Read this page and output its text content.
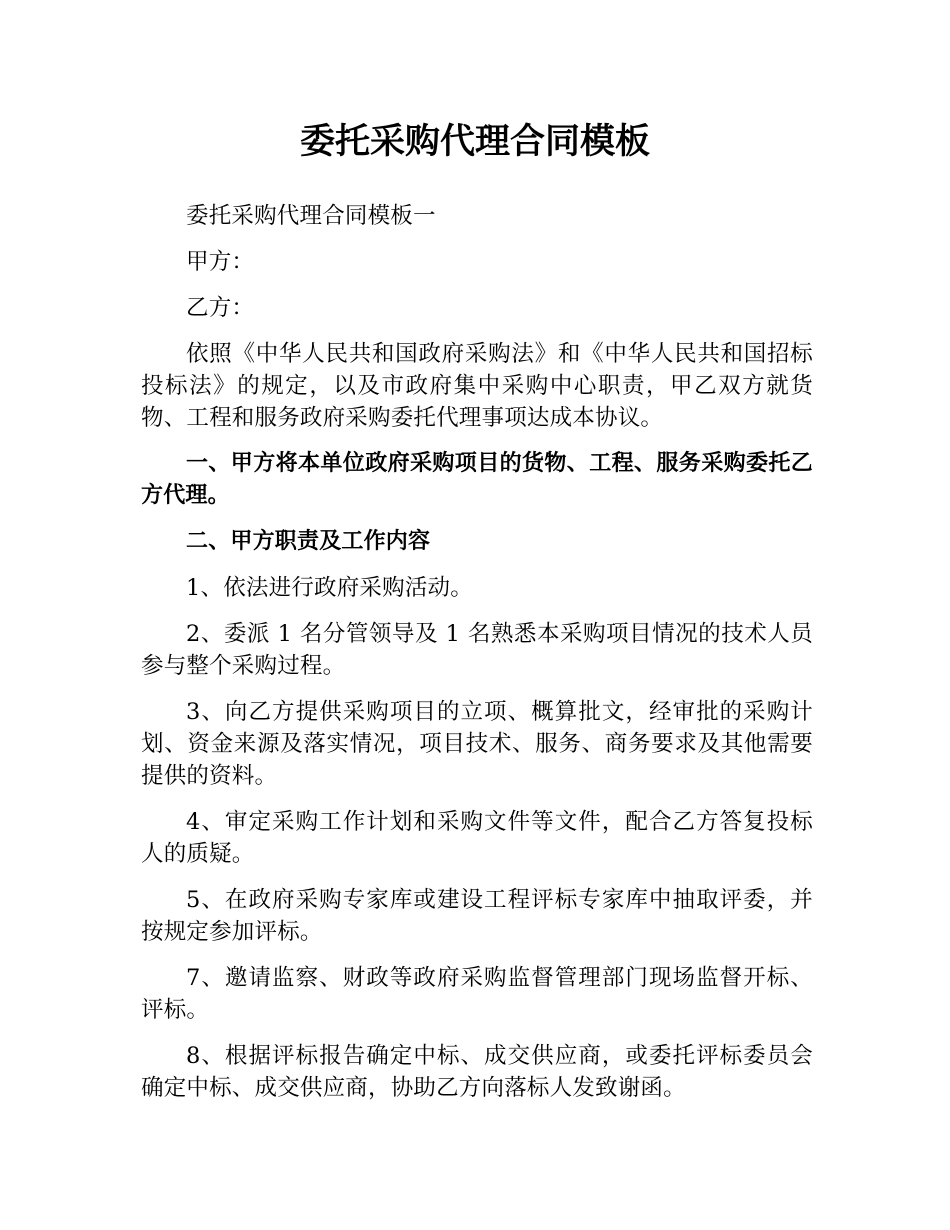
委托采购代理合同模板

委托采购代理合同模板一

甲方：

乙方：

依照《中华人民共和国政府采购法》和《中华人民共和国招标投标法》的规定，以及市政府集中采购中心职责，甲乙双方就货物、工程和服务政府采购委托代理事项达成本协议。

一、甲方将本单位政府采购项目的货物、工程、服务采购委托乙方代理。

二、甲方职责及工作内容

1、依法进行政府采购活动。

2、委派 1 名分管领导及 1 名熟悉本采购项目情况的技术人员参与整个采购过程。

3、向乙方提供采购项目的立项、概算批文，经审批的采购计划、资金来源及落实情况，项目技术、服务、商务要求及其他需要提供的资料。

4、审定采购工作计划和采购文件等文件，配合乙方答复投标人的质疑。

5、在政府采购专家库或建设工程评标专家库中抽取评委，并按规定参加评标。

7、邀请监察、财政等政府采购监督管理部门现场监督开标、评标。

8、根据评标报告确定中标、成交供应商，或委托评标委员会确定中标、成交供应商，协助乙方向落标人发致谢函。
